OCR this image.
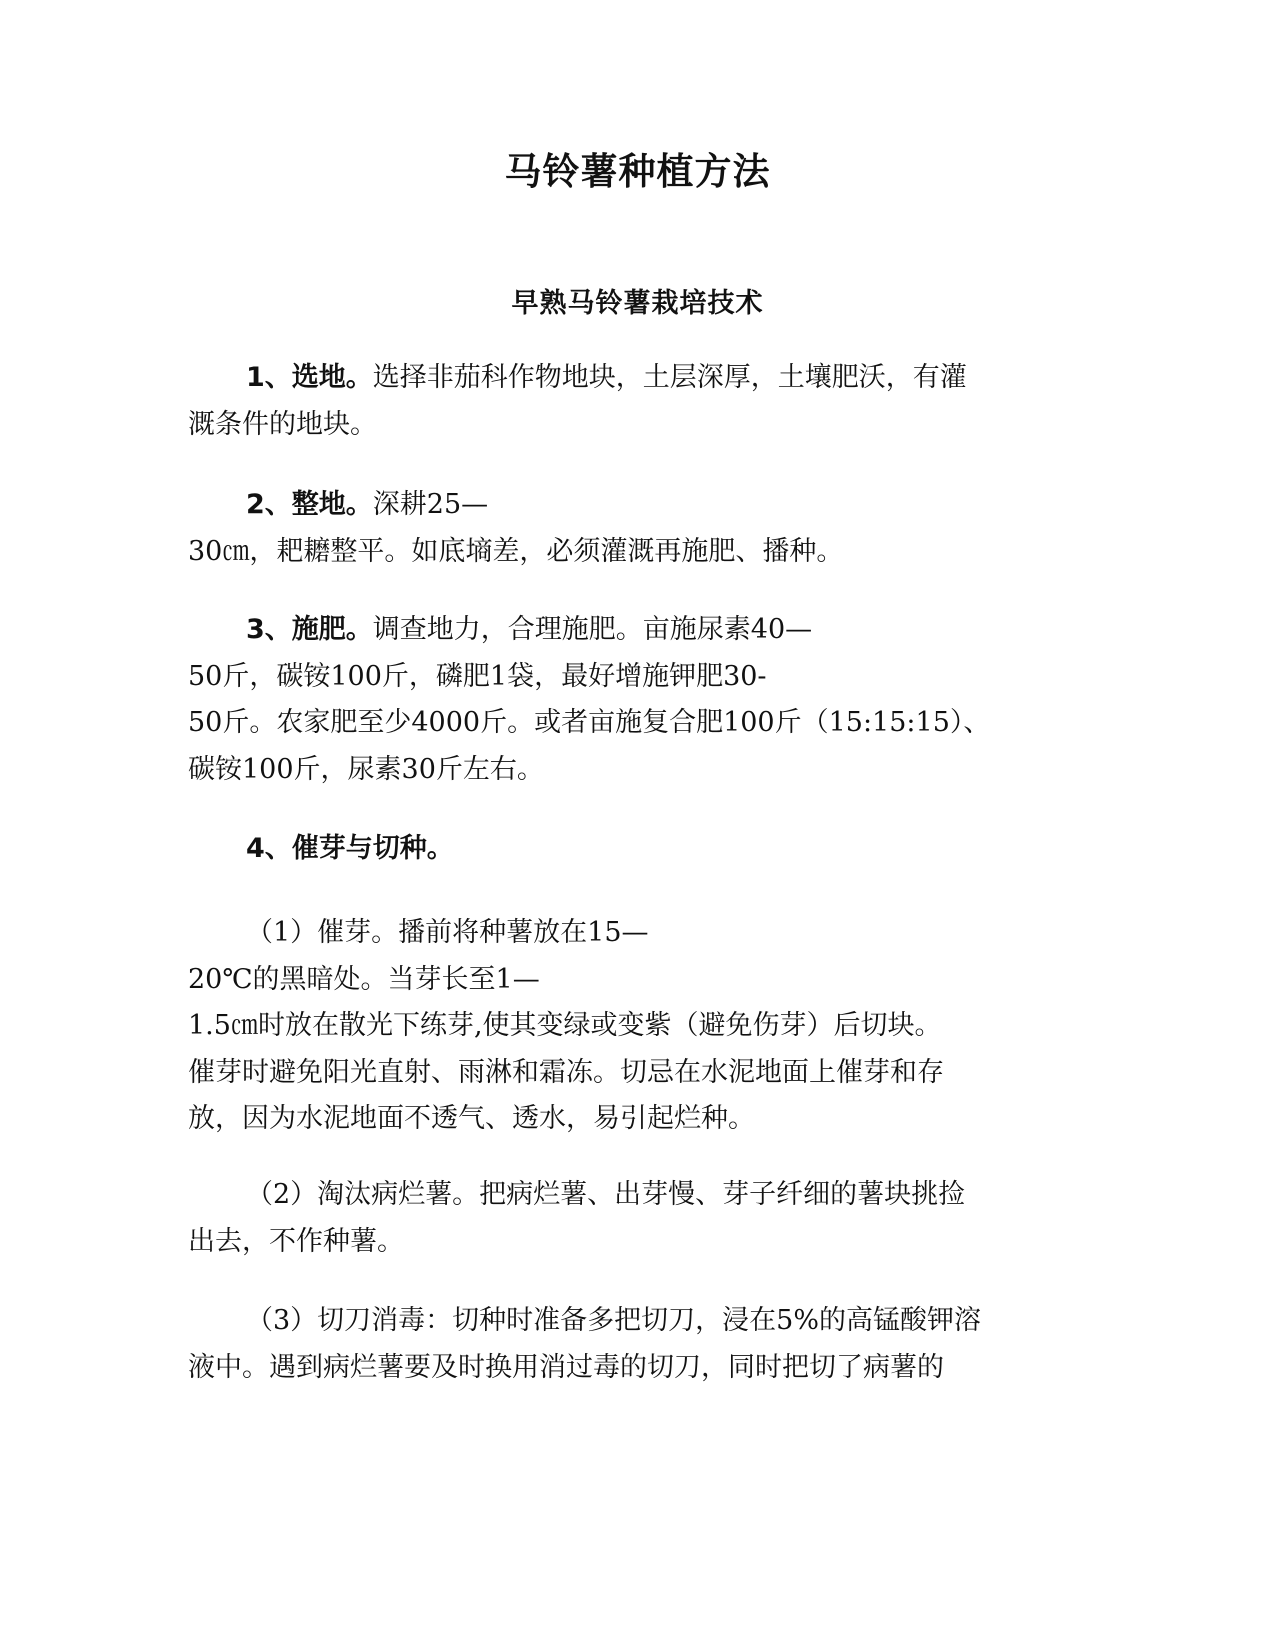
马铃薯种植方法
早熟马铃薯栽培技术
1、选地。选择非茄科作物地块，土层深厚，土壤肥沃，有灌
溉条件的地块。
2、整地。深耕25—
30㎝，耙耱整平。如底墒差，必须灌溉再施肥、播种。
3、施肥。调查地力，合理施肥。亩施尿素40—
50斤，碳铵100斤，磷肥1袋，最好增施钾肥30-
50斤。农家肥至少4000斤。或者亩施复合肥100斤（15:15:15）、
碳铵100斤，尿素30斤左右。
4、催芽与切种。
（1）催芽。播前将种薯放在15—
20℃的黑暗处。当芽长至1—
1.5㎝时放在散光下练芽,使其变绿或变紫（避免伤芽）后切块。
催芽时避免阳光直射、雨淋和霜冻。切忌在水泥地面上催芽和存
放，因为水泥地面不透气、透水，易引起烂种。
（2）淘汰病烂薯。把病烂薯、出芽慢、芽子纤细的薯块挑捡
出去，不作种薯。
（3）切刀消毒：切种时准备多把切刀，浸在5%的高锰酸钾溶
液中。遇到病烂薯要及时换用消过毒的切刀，同时把切了病薯的
